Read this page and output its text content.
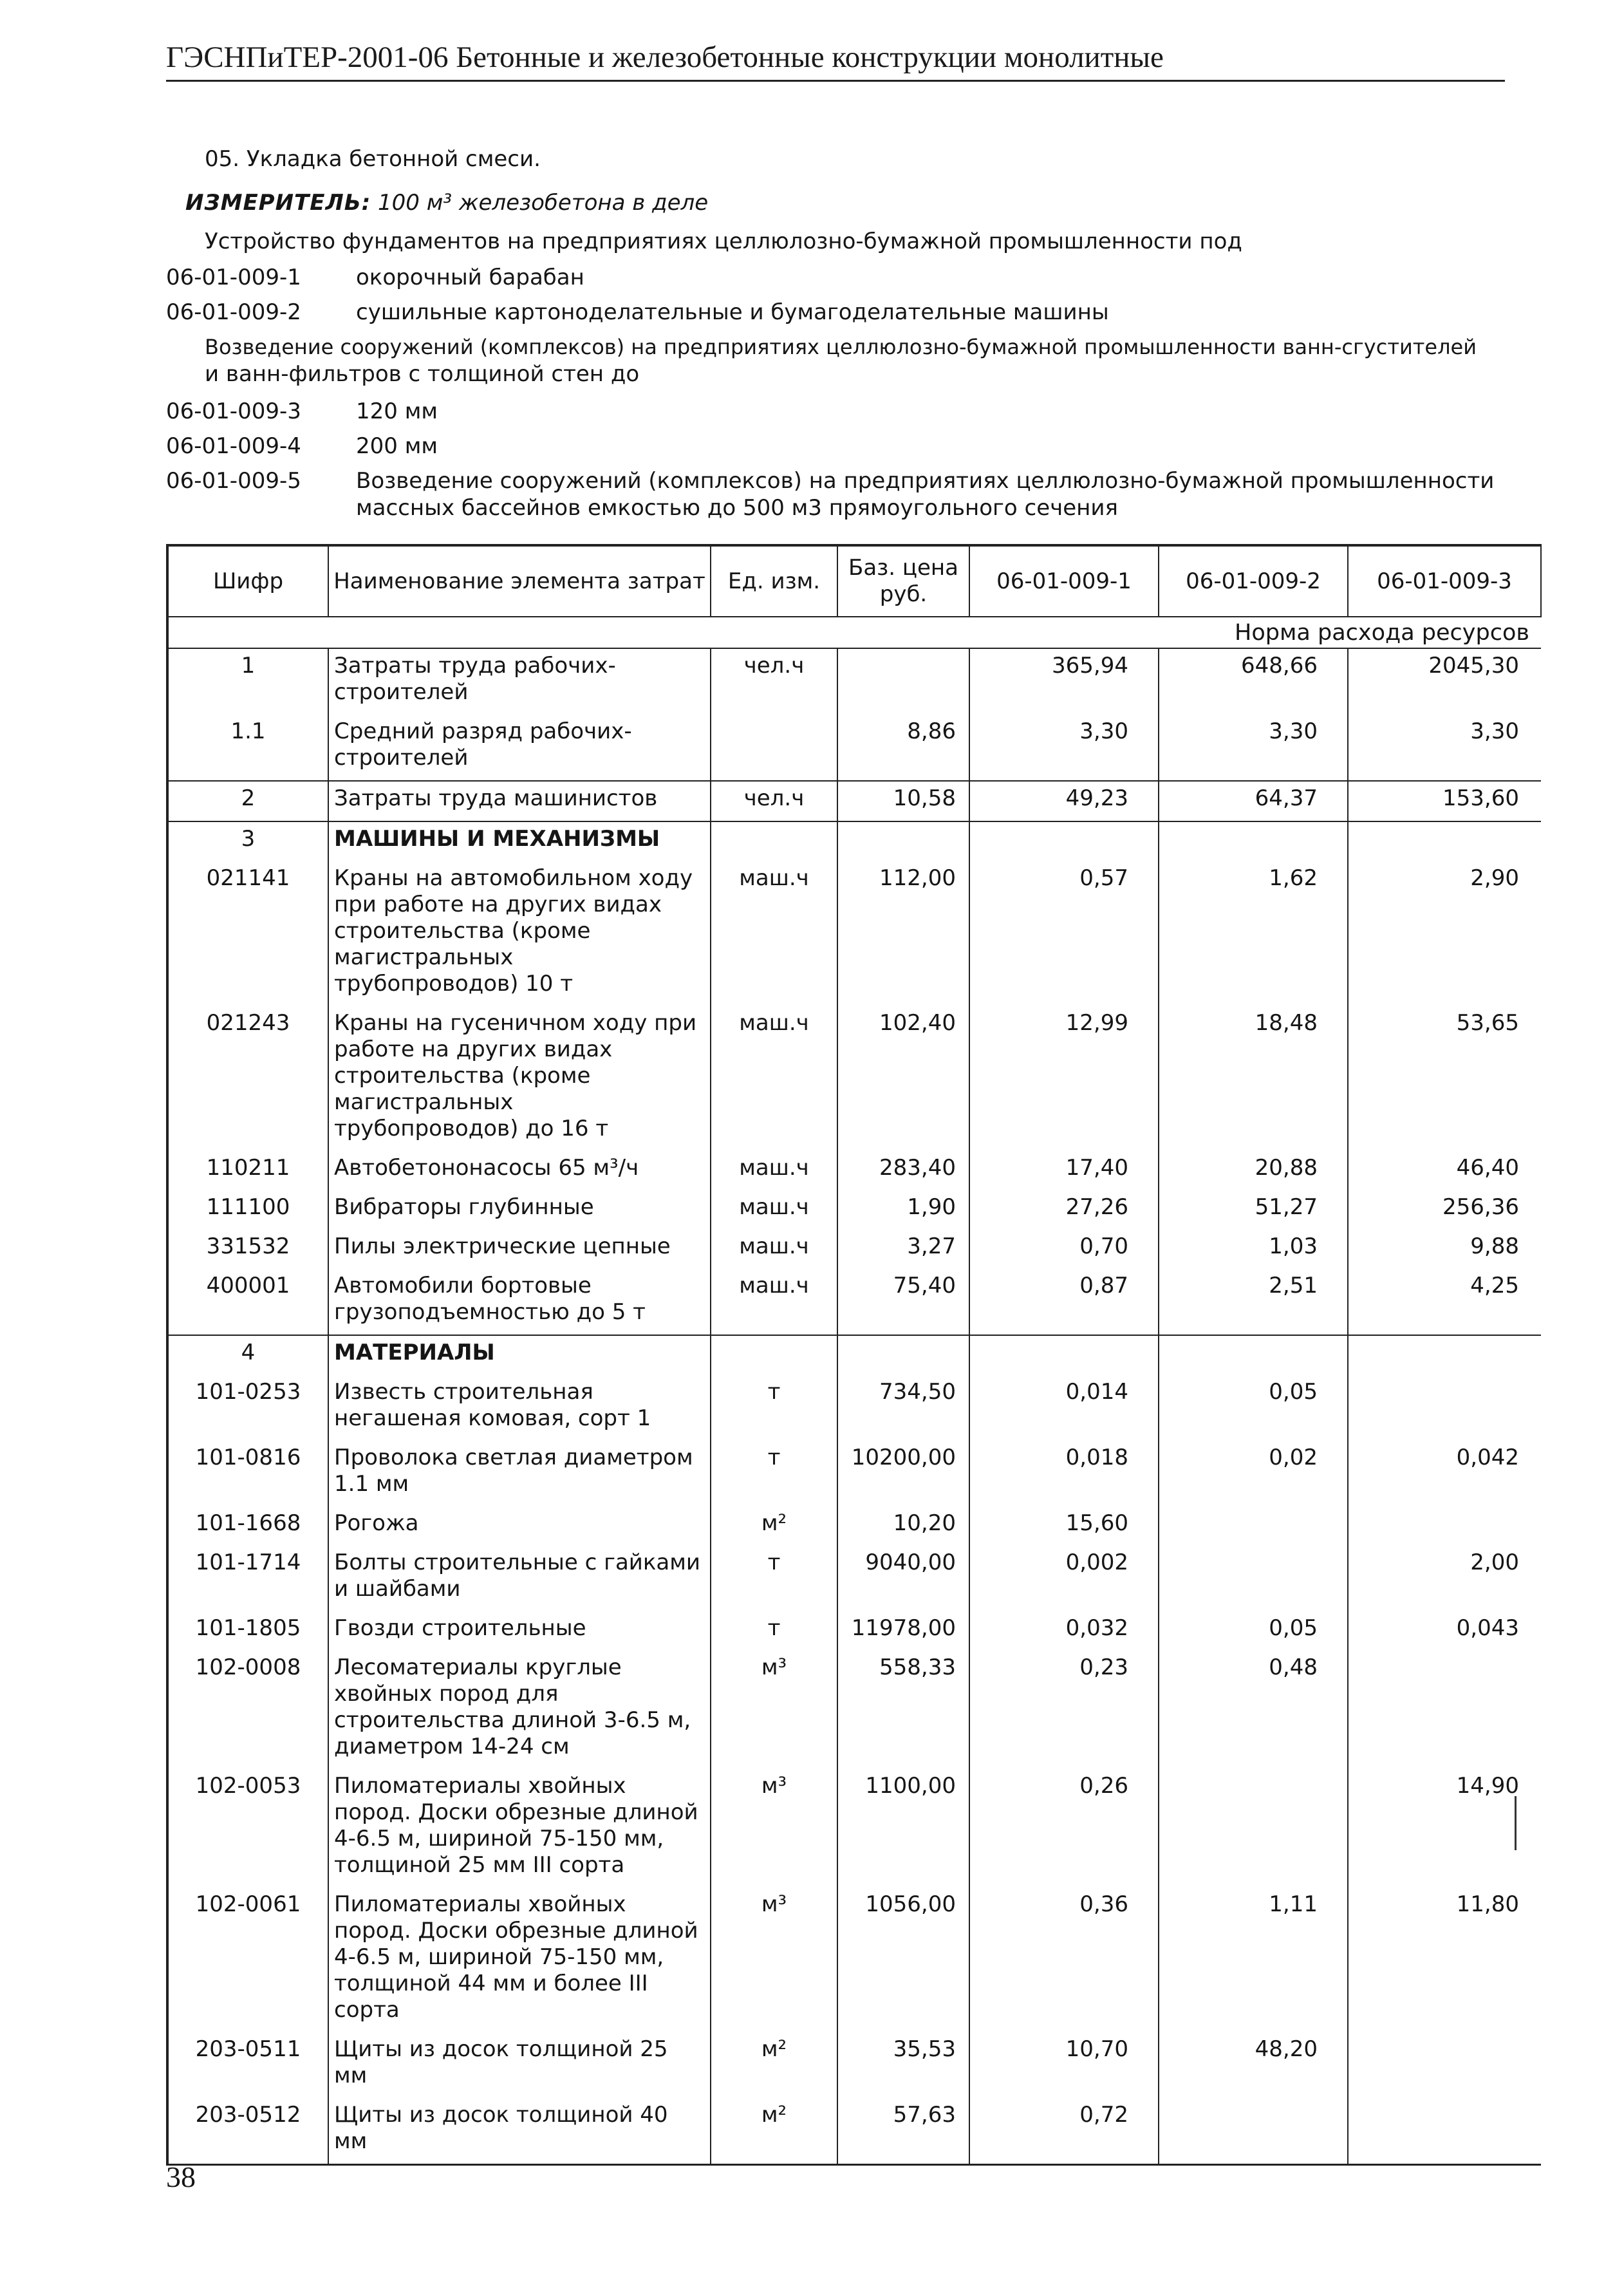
ГЭСНПиТЕР-2001-06 Бетонные и железобетонные конструкции монолитные
05. Укладка бетонной смеси.
ИЗМЕРИТЕЛЬ: 100 м³ железобетона в деле
Устройство фундаментов на предприятиях целлюлозно-бумажной промышленности под
06-01-009-1	окорочный барабан
06-01-009-2	сушильные картоноделательные и бумагоделательные машины
Возведение сооружений (комплексов) на предприятиях целлюлозно-бумажной промышленности ванн-сгустителей
и ванн-фильтров с толщиной стен до
06-01-009-3	120 мм
06-01-009-4	200 мм
06-01-009-5	Возведение сооружений (комплексов) на предприятиях целлюлозно-бумажной промышленности
массных бассейнов емкостью до 500 м3 прямоугольного сечения
Шифр	Наименование элемента затрат	Ед. изм.	Баз. цена руб.	06-01-009-1	06-01-009-2	06-01-009-3
Норма расхода ресурсов						
1	Затраты труда рабочих-строителей	чел.ч		365,94	648,66	2045,30
1.1	Средний разряд рабочих-строителей		8,86	3,30	3,30	3,30
2	Затраты труда машинистов	чел.ч	10,58	49,23	64,37	153,60
3	МАШИНЫ И МЕХАНИЗМЫ					
021141	Краны на автомобильном ходу при работе на других видах строительства (кроме магистральных трубопроводов) 10 т	маш.ч	112,00	0,57	1,62	2,90
021243	Краны на гусеничном ходу при работе на других видах строительства (кроме магистральных трубопроводов) до 16 т	маш.ч	102,40	12,99	18,48	53,65
110211	Автобетононасосы 65 м³/ч	маш.ч	283,40	17,40	20,88	46,40
111100	Вибраторы глубинные	маш.ч	1,90	27,26	51,27	256,36
331532	Пилы электрические цепные	маш.ч	3,27	0,70	1,03	9,88
400001	Автомобили бортовые грузоподъемностью до 5 т	маш.ч	75,40	0,87	2,51	4,25
4	МАТЕРИАЛЫ					
101-0253	Известь строительная негашеная комовая, сорт 1	т	734,50	0,014	0,05	
101-0816	Проволока светлая диаметром 1.1 мм	т	10200,00	0,018	0,02	0,042
101-1668	Рогожа	м²	10,20	15,60		
101-1714	Болты строительные с гайками и шайбами	т	9040,00	0,002		2,00
101-1805	Гвозди строительные	т	11978,00	0,032	0,05	0,043
102-0008	Лесоматериалы круглые хвойных пород для строительства длиной 3-6.5 м, диаметром 14-24 см	м³	558,33	0,23	0,48	
102-0053	Пиломатериалы хвойных пород. Доски обрезные длиной 4-6.5 м, шириной 75-150 мм, толщиной 25 мм III сорта	м³	1100,00	0,26		14,90
102-0061	Пиломатериалы хвойных пород. Доски обрезные длиной 4-6.5 м, шириной 75-150 мм, толщиной 44 мм и более III сорта	м³	1056,00	0,36	1,11	11,80
203-0511	Щиты из досок толщиной 25 мм	м²	35,53	10,70	48,20	
203-0512	Щиты из досок толщиной 40 мм	м²	57,63	0,72		
38
